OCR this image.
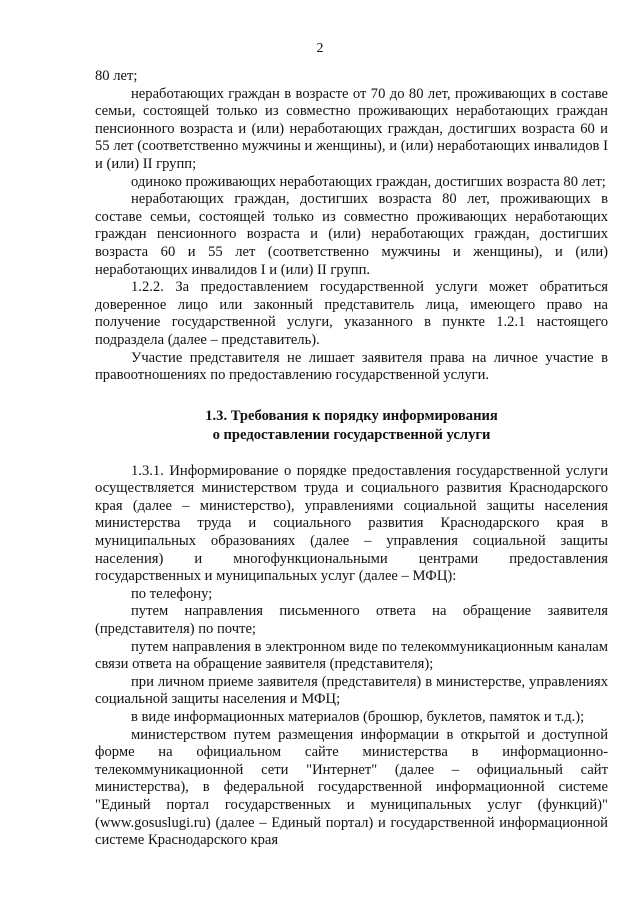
2

80 лет;

неработающих граждан в возрасте от 70 до 80 лет, проживающих в составе семьи, состоящей только из совместно проживающих неработающих граждан пенсионного возраста и (или) неработающих граждан, достигших возраста 60 и 55 лет (соответственно мужчины и женщины), и (или) неработающих инвалидов I и (или) II групп;

одиноко проживающих неработающих граждан, достигших возраста 80 лет;

неработающих граждан, достигших возраста 80 лет, проживающих в составе семьи, состоящей только из совместно проживающих неработающих граждан пенсионного возраста и (или) неработающих граждан, достигших возраста 60 и 55 лет (соответственно мужчины и женщины), и (или) неработающих инвалидов I и (или) II групп.

1.2.2. За предоставлением государственной услуги может обратиться доверенное лицо или законный представитель лица, имеющего право на получение государственной услуги, указанного в пункте 1.2.1 настоящего подраздела (далее – представитель).

Участие представителя не лишает заявителя права на личное участие в правоотношениях по предоставлению государственной услуги.

1.3. Требования к порядку информирования
о предоставлении государственной услуги

1.3.1. Информирование о порядке предоставления государственной услуги осуществляется министерством труда и социального развития Краснодарского края (далее – министерство), управлениями социальной защиты населения министерства труда и социального развития Краснодарского края в муниципальных образованиях (далее – управления социальной защиты населения) и многофункциональными центрами предоставления государственных и муниципальных услуг (далее – МФЦ):

по телефону;

путем направления письменного ответа на обращение заявителя (представителя) по почте;

путем направления в электронном виде по телекоммуникационным каналам связи ответа на обращение заявителя (представителя);

при личном приеме заявителя (представителя) в министерстве, управлениях социальной защиты населения и МФЦ;

в виде информационных материалов (брошюр, буклетов, памяток и т.д.);

министерством путем размещения информации в открытой и доступной форме на официальном сайте министерства в информационно-телекоммуникационной сети "Интернет" (далее – официальный сайт министерства), в федеральной государственной информационной системе "Единый портал государственных и муниципальных услуг (функций)" (www.gosuslugi.ru) (далее – Единый портал) и государственной информационной системе Краснодарского края
